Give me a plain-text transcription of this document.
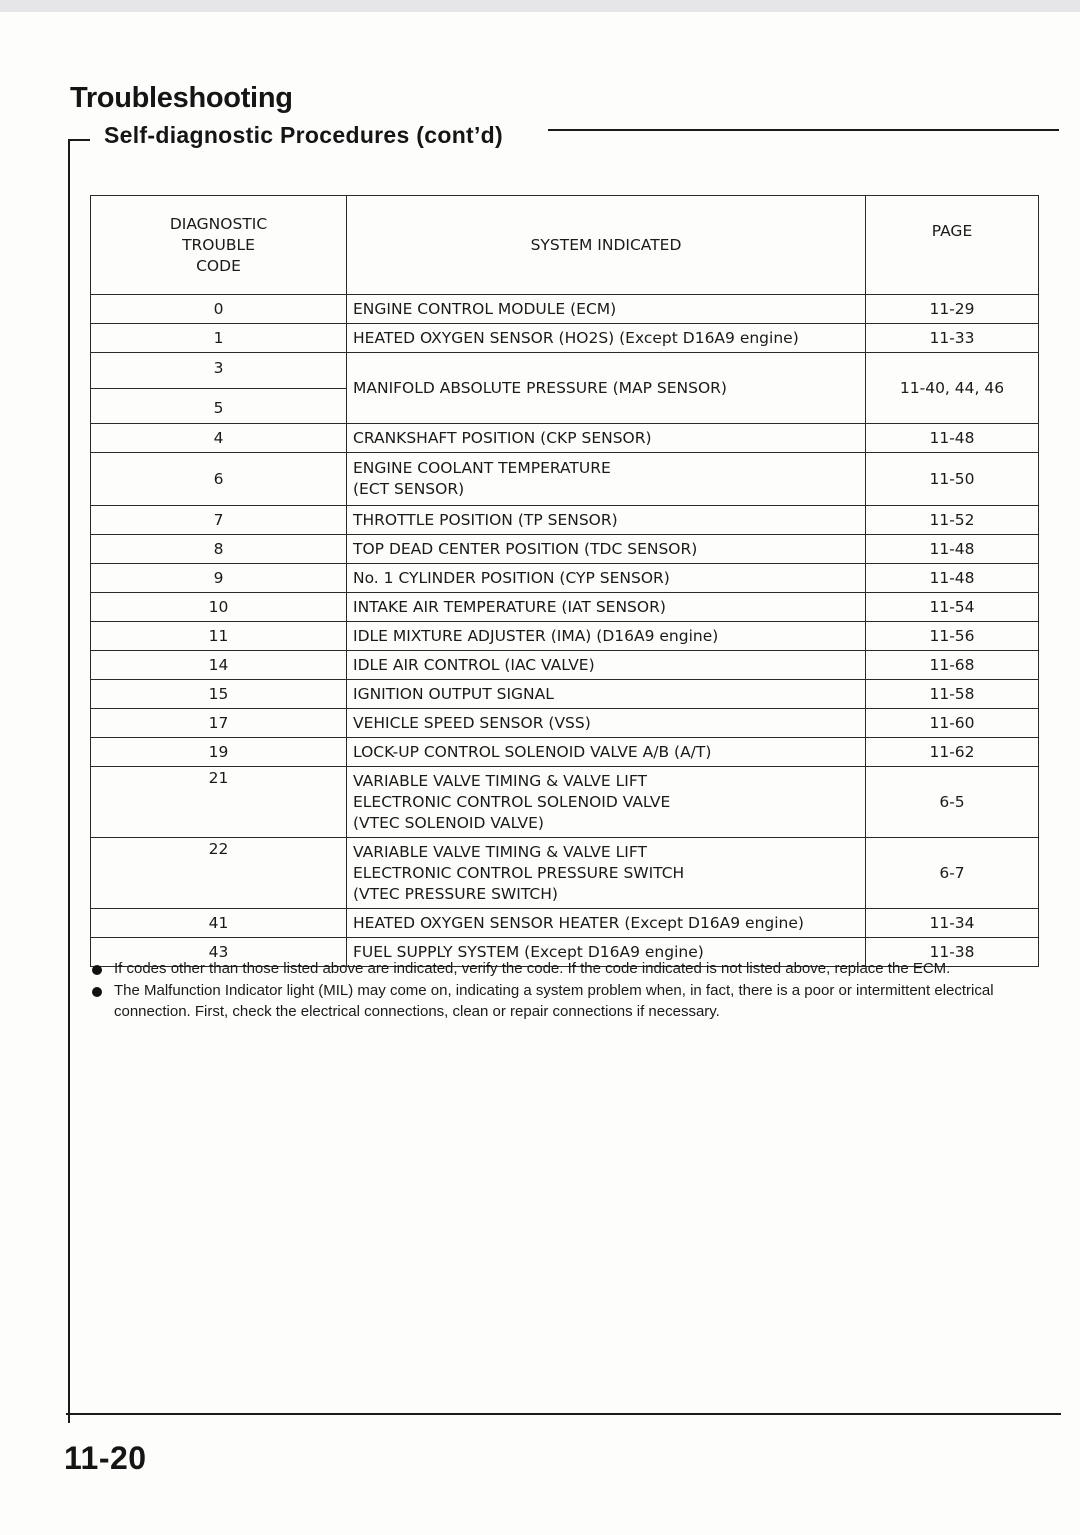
Troubleshooting
Self-diagnostic Procedures (cont’d)
DIAGNOSTIC
TROUBLE
CODE	SYSTEM INDICATED	PAGE
0	ENGINE CONTROL MODULE (ECM)	11-29
1	HEATED OXYGEN SENSOR (HO2S) (Except D16A9 engine)	11-33

3
5	MANIFOLD ABSOLUTE PRESSURE (MAP SENSOR)	11-40, 44, 46
4	CRANKSHAFT POSITION (CKP SENSOR)	11-48
6	ENGINE COOLANT TEMPERATURE
(ECT SENSOR)	11-50
7	THROTTLE POSITION (TP SENSOR)	11-52
8	TOP DEAD CENTER POSITION (TDC SENSOR)	11-48
9	No. 1 CYLINDER POSITION (CYP SENSOR)	11-48
10	INTAKE AIR TEMPERATURE (IAT SENSOR)	11-54
11	IDLE MIXTURE ADJUSTER (IMA) (D16A9 engine)	11-56
14	IDLE AIR CONTROL (IAC VALVE)	11-68
15	IGNITION OUTPUT SIGNAL	11-58
17	VEHICLE SPEED SENSOR (VSS)	11-60
19	LOCK-UP CONTROL SOLENOID VALVE A/B (A/T)	11-62
21	VARIABLE VALVE TIMING & VALVE LIFT
ELECTRONIC CONTROL SOLENOID VALVE
(VTEC SOLENOID VALVE)	6-5
22	VARIABLE VALVE TIMING & VALVE LIFT
ELECTRONIC CONTROL PRESSURE SWITCH
(VTEC PRESSURE SWITCH)	6-7
41	HEATED OXYGEN SENSOR HEATER (Except D16A9 engine)	11-34
43	FUEL SUPPLY SYSTEM (Except D16A9 engine)	11-38
If codes other than those listed above are indicated, verify the code. If the code indicated is not listed above, replace the ECM.
The Malfunction Indicator light (MIL) may come on, indicating a system problem when, in fact, there is a poor or intermittent electrical connection. First, check the electrical connections, clean or repair connections if necessary.
11-20
